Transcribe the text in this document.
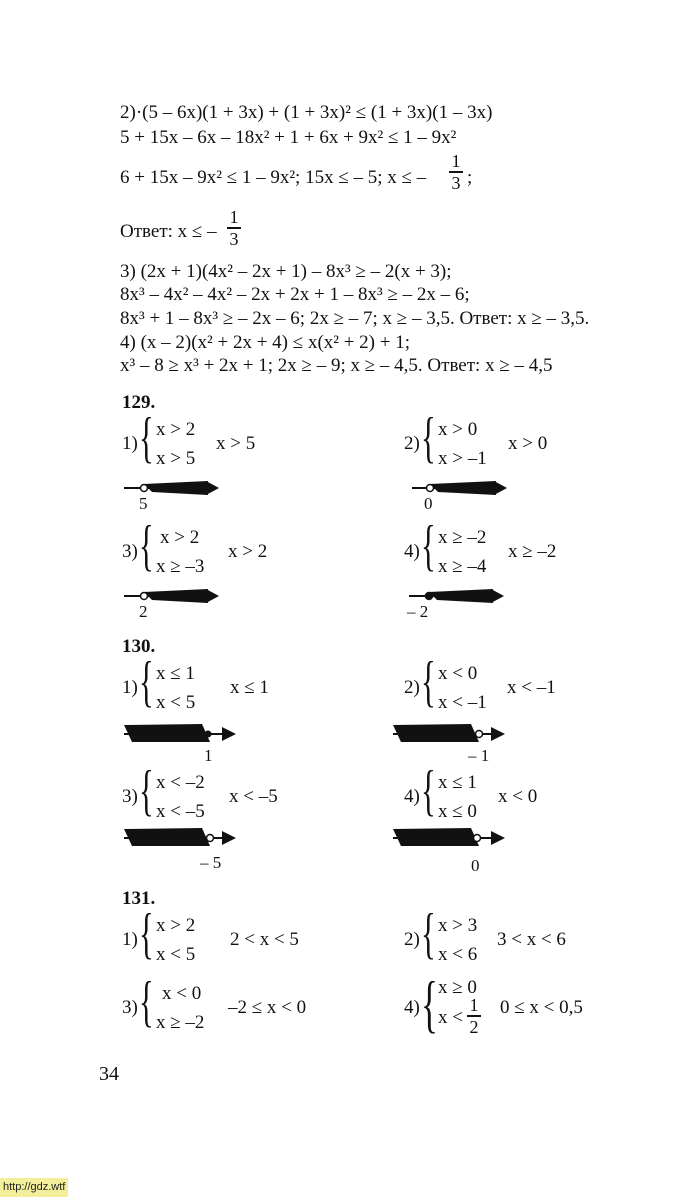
2)·(5 – 6x)(1 + 3x) + (1 + 3x)² ≤ (1 + 3x)(1 – 3x)
5 + 15x – 6x – 18x² + 1 + 6x + 9x² ≤ 1 – 9x²
6 + 15x – 9x² ≤ 1 – 9x²; 15x ≤ – 5; x ≤ –
1
3 ;
Ответ: x ≤ –
1
3
3) (2x + 1)(4x² – 2x + 1) – 8x³ ≥ – 2(x + 3);
8x³ – 4x² – 4x² – 2x + 2x + 1 – 8x³ ≥ – 2x – 6;
8x³ + 1 – 8x³ ≥ – 2x – 6; 2x ≥ – 7; x ≥ – 3,5. Ответ: x ≥ – 3,5.
4) (x – 2)(x² + 2x + 4) ≤ x(x² + 2) + 1;
x³ – 8 ≥ x³ + 2x + 1; 2x ≥ – 9; x ≥ – 4,5. Ответ: x ≥ – 4,5
129.
1) { x > 2
x > 5
x > 5
5
2) { x > 0
x > –1
x > 0
0
3) { x > 2
x ≥ –3
x > 2
2
4) { x ≥ –2
x ≥ –4
x ≥ –2
– 2
130.
1) { x ≤ 1
x < 5
x ≤ 1
1
2) { x < 0
x < –1
x < –1
– 1
3) { x < –2
x < –5
x < –5
– 5
4) { x ≤ 1
x ≤ 0
x < 0
0
131.
1) { x > 2
x < 5
2 < x < 5	2) { x > 3
x < 6
3 < x < 6
3) { x < 0
x ≥ –2
–2 ≤ x < 0	4) { x ≥ 0
x <
1
2
0 ≤ x < 0,5
34
http://gdz.wtf
